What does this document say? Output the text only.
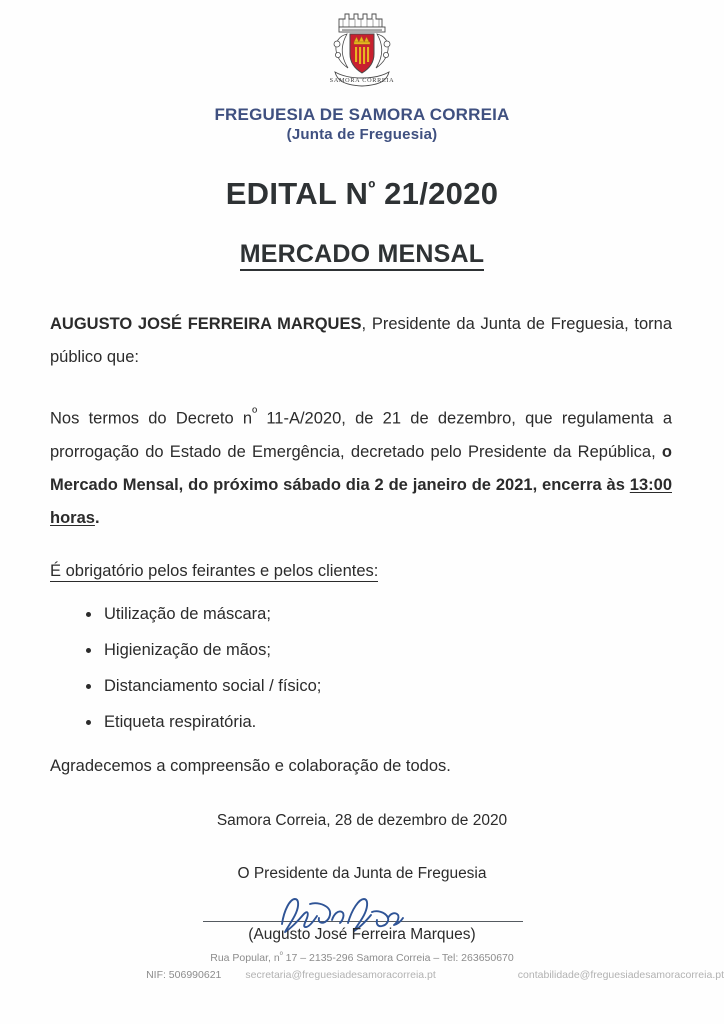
SAMORA CORREIA
FREGUESIA DE SAMORA CORREIA
(Junta de Freguesia)
EDITAL $N^º$ 21/2020
MERCADO MENSAL
AUGUSTO JOSÉ FERREIRA MARQUES, Presidente da Junta de Freguesia, torna público que:
Nos termos do Decreto $n^º$ 11-A/2020, de 21 de dezembro, que regulamenta a prorrogação do Estado de Emergência, decretado pelo Presidente da República, o Mercado Mensal, do próximo sábado dia 2 de janeiro de 2021, encerra às 13:00 horas.
É obrigatório pelos feirantes e pelos clientes:
Utilização de máscara;
Higienização de mãos;
Distanciamento social / físico;
Etiqueta respiratória.
Agradecemos a compreensão e colaboração de todos.
Samora Correia, 28 de dezembro de 2020
O Presidente da Junta de Freguesia
(Augusto José Ferreira Marques)
Rua Popular, $n^º$ 17 – 2135-296 Samora Correia – Tel: 263650670
NIF: 506990621	secretaria@freguesiadesamoracorreia.pt	contabilidade@freguesiadesamoracorreia.pt
